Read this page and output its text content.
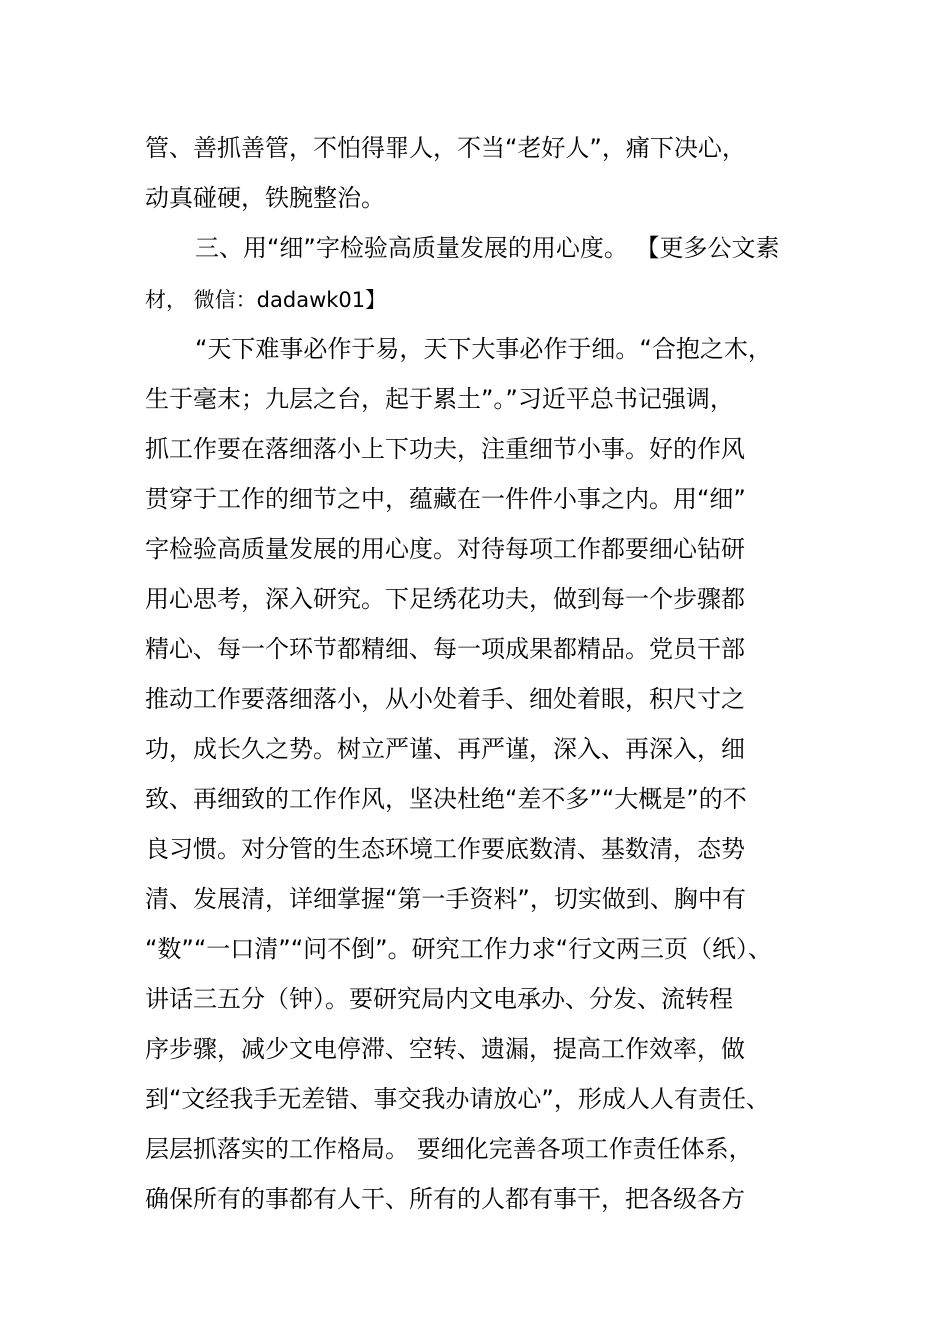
管、善抓善管，不怕得罪人，不当“老好人”，痛下决心，
动真碰硬，铁腕整治。
三、用“细”字检验高质量发展的用心度。 【更多公文素
材， 微信：dadawk01】
“天下难事必作于易，天下大事必作于细。“合抱之木，
生于毫末；九层之台，起于累土”。”习近平总书记强调，
抓工作要在落细落小上下功夫，注重细节小事。好的作风
贯穿于工作的细节之中，蕴藏在一件件小事之内。用“细”
字检验高质量发展的用心度。对待每项工作都要细心钻研
用心思考，深入研究。下足绣花功夫，做到每一个步骤都
精心、每一个环节都精细、每一项成果都精品。党员干部
推动工作要落细落小，从小处着手、细处着眼，积尺寸之
功，成长久之势。树立严谨、再严谨，深入、再深入，细
致、再细致的工作作风，坚决杜绝“差不多”“大概是”的不
良习惯。对分管的生态环境工作要底数清、基数清，态势
清、发展清，详细掌握“第一手资料”，切实做到、胸中有
“数”“一口清”“问不倒”。研究工作力求“行文两三页（纸）、
讲话三五分（钟）。要研究局内文电承办、分发、流转程
序步骤，减少文电停滞、空转、遗漏，提高工作效率，做
到“文经我手无差错、事交我办请放心”，形成人人有责任、
层层抓落实的工作格局。 要细化完善各项工作责任体系，
确保所有的事都有人干、所有的人都有事干，把各级各方
